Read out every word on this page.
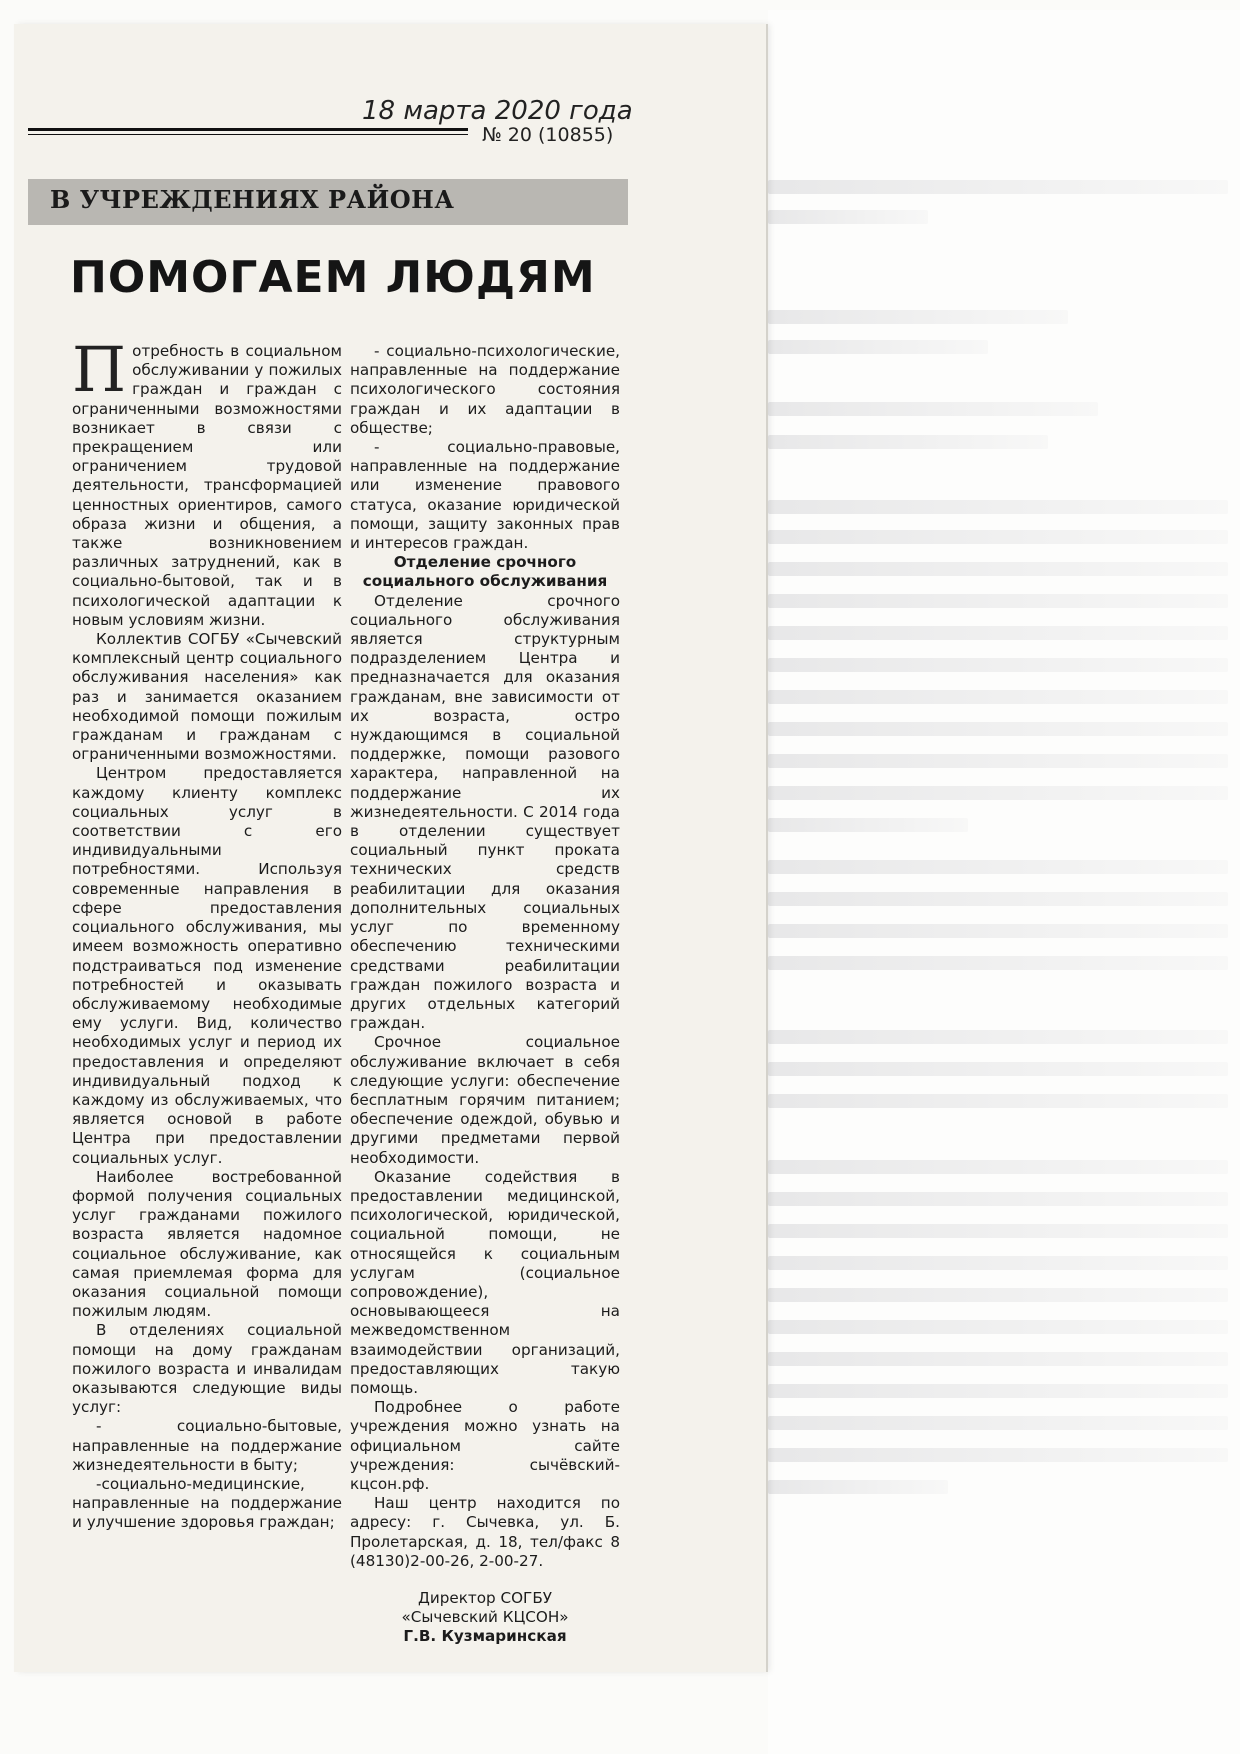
18 марта 2020 года
№ 20 (10855)
В УЧРЕЖДЕНИЯХ РАЙОНА
ПОМОГАЕМ ЛЮДЯМ

Потребность в социальном обслуживании у пожилых граждан и граждан с ограниченными возможностями возникает в связи с прекращением или ограничением трудовой деятельности, трансформацией ценностных ориентиров, самого образа жизни и общения, а также возникновением различных затруднений, как в социально-бытовой, так и в психологической адаптации к новым условиям жизни.

Коллектив СОГБУ «Сычевский комплексный центр социального обслуживания населения» как раз и занимается оказанием необходимой помощи пожилым гражданам и гражданам с ограниченными возможностями.

Центром предоставляется каждому клиенту комплекс социальных услуг в соответствии с его индивидуальными потребностями. Используя современные направления в сфере предоставления социального обслуживания, мы имеем возможность оперативно подстраиваться под изменение потребностей и оказывать обслуживаемому необходимые ему услуги. Вид, количество необходимых услуг и период их предоставления и определяют индивидуальный подход к каждому из обслуживаемых, что является основой в работе Центра при предоставлении социальных услуг.

Наиболее востребованной формой получения социальных услуг гражданами пожилого возраста является надомное социальное обслуживание, как самая приемлемая форма для оказания социальной помощи пожилым людям.

В отделениях социальной помощи на дому гражданам пожилого возраста и инвалидам оказываются следующие виды услуг:

- социально-бытовые, направленные на поддержание жизнедеятельности в быту;

-социально-медицинские, направленные на поддержание и улучшение здоровья граждан;

- социально-психологические, направленные на поддержание психологического состояния граждан и их адаптации в обществе;

- социально-правовые, направленные на поддержание или изменение правового статуса, оказание юридической помощи, защиту законных прав и интересов граждан.

Отделение срочного социального обслуживания

Отделение срочного социального обслуживания является структурным подразделением Центра и предназначается для оказания гражданам, вне зависимости от их возраста, остро нуждающимся в социальной поддержке, помощи разового характера, направленной на поддержание их жизнедеятельности. С 2014 года в отделении существует социальный пункт проката технических средств реабилитации для оказания дополнительных социальных услуг по временному обеспечению техническими средствами реабилитации граждан пожилого возраста и других отдельных категорий граждан.

Срочное социальное обслуживание включает в себя следующие услуги: обеспечение бесплатным горячим питанием; обеспечение одеждой, обувью и другими предметами первой необходимости.

Оказание содействия в предоставлении медицинской, психологической, юридической, социальной помощи, не относящейся к социальным услугам (социальное сопровождение), основывающееся на межведомственном взаимодействии организаций, предоставляющих такую помощь.

Подробнее о работе учреждения можно узнать на официальном сайте учреждения: сычёвский-кцсон.рф.

Наш центр находится по адресу: г. Сычевка, ул. Б. Пролетарская, д. 18, тел/факс 8 (48130)2-00-26, 2-00-27.

Директор СОГБУ
«Сычевский КЦСОН»
Г.В. Кузмаринская
